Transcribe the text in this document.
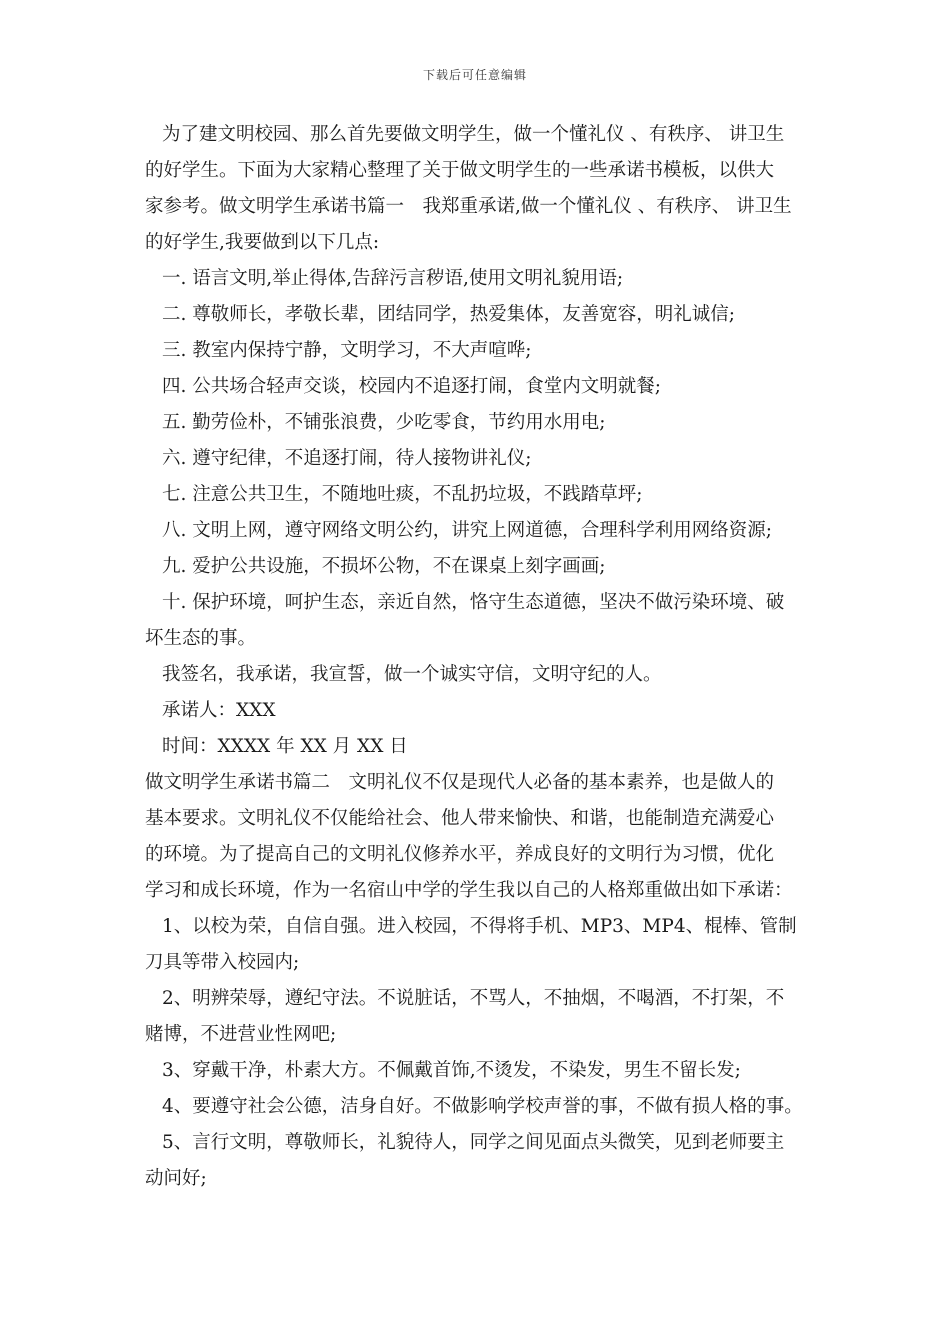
下载后可任意编辑
为了建文明校园、那么首先要做文明学生，做一个懂礼仪 、有秩序、 讲卫生
的好学生。下面为大家精心整理了关于做文明学生的一些承诺书模板，以供大
家参考。做文明学生承诺书篇一　我郑重承诺,做一个懂礼仪 、有秩序、 讲卫生
的好学生,我要做到以下几点:
一. 语言文明,举止得体,告辞污言秽语,使用文明礼貌用语;
二. 尊敬师长，孝敬长辈，团结同学，热爱集体，友善宽容，明礼诚信;
三. 教室内保持宁静，文明学习，不大声喧哗;
四. 公共场合轻声交谈，校园内不追逐打闹，食堂内文明就餐;
五. 勤劳俭朴，不铺张浪费，少吃零食，节约用水用电;
六. 遵守纪律，不追逐打闹，待人接物讲礼仪;
七. 注意公共卫生，不随地吐痰，不乱扔垃圾，不践踏草坪;
八. 文明上网，遵守网络文明公约，讲究上网道德，合理科学利用网络资源;
九. 爱护公共设施，不损坏公物，不在课桌上刻字画画;
十. 保护环境，呵护生态，亲近自然，恪守生态道德，坚决不做污染环境、破
坏生态的事。
我签名，我承诺，我宣誓，做一个诚实守信，文明守纪的人。
承诺人：XXX
时间：XXXX 年 XX 月 XX 日
做文明学生承诺书篇二　文明礼仪不仅是现代人必备的基本素养，也是做人的
基本要求。文明礼仪不仅能给社会、他人带来愉快、和谐，也能制造充满爱心
的环境。为了提高自己的文明礼仪修养水平，养成良好的文明行为习惯，优化
学习和成长环境，作为一名宿山中学的学生我以自己的人格郑重做出如下承诺：
1、以校为荣，自信自强。进入校园，不得将手机、MP3、MP4、棍棒、管制
刀具等带入校园内;
2、明辨荣辱，遵纪守法。不说脏话，不骂人，不抽烟，不喝酒，不打架，不
赌博，不进营业性网吧;
3、穿戴干净，朴素大方。不佩戴首饰,不烫发，不染发，男生不留长发;
4、要遵守社会公德，洁身自好。不做影响学校声誉的事，不做有损人格的事。
5、言行文明，尊敬师长，礼貌待人，同学之间见面点头微笑，见到老师要主
动问好;
